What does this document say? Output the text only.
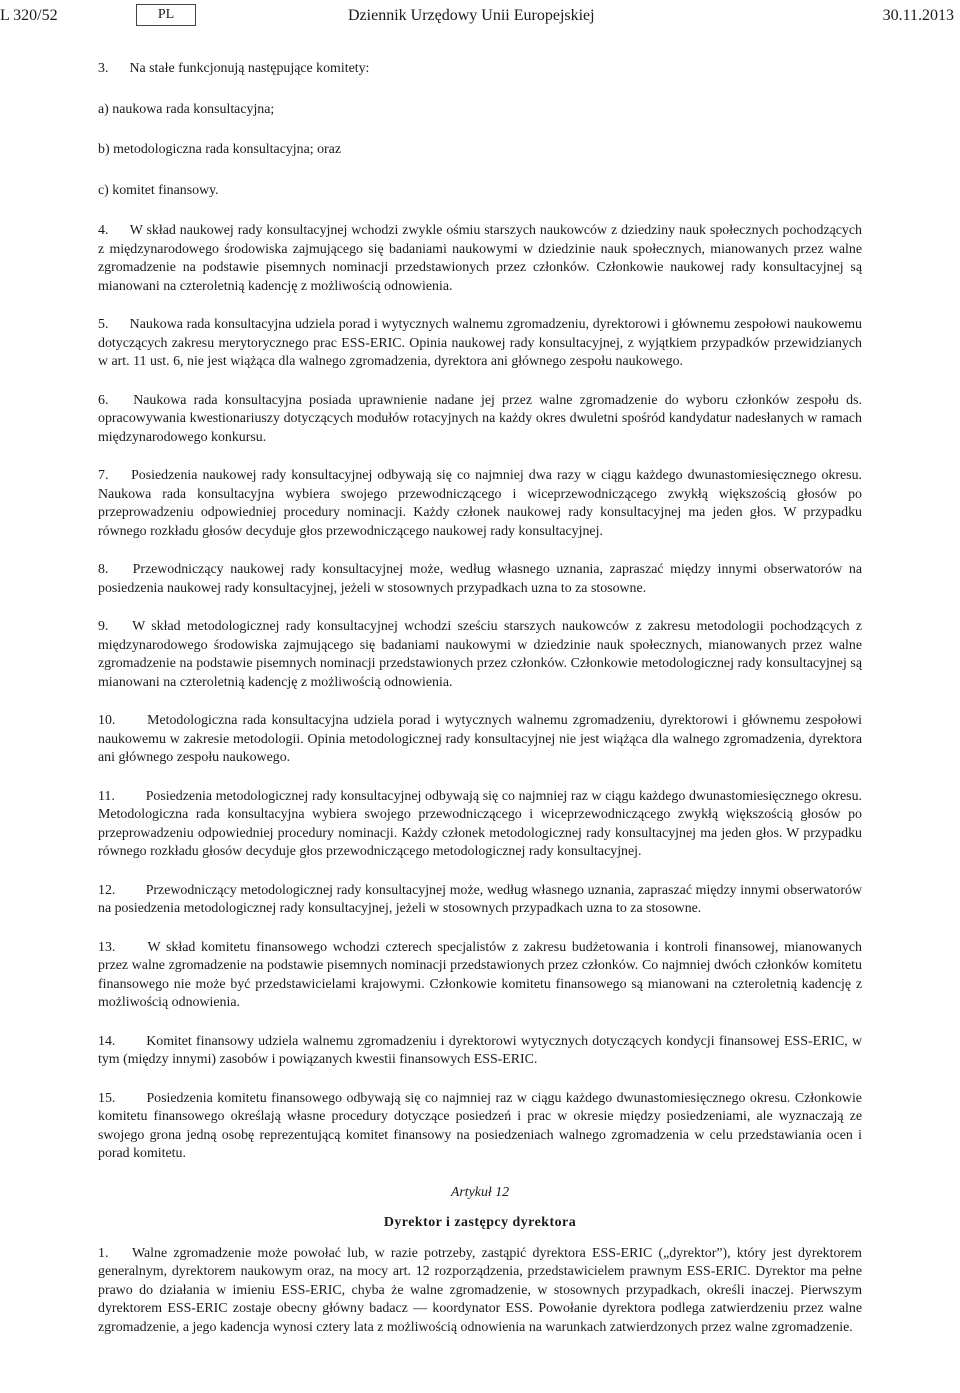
L 320/52	PL	Dziennik Urzędowy Unii Europejskiej	30.11.2013

3. Na stałe funkcjonują następujące komitety:

a) naukowa rada konsultacyjna;

b) metodologiczna rada konsultacyjna; oraz

c) komitet finansowy.

4. W skład naukowej rady konsultacyjnej wchodzi zwykle ośmiu starszych naukowców z dziedziny nauk społecznych pochodzących z międzynarodowego środowiska zajmującego się badaniami naukowymi w dziedzinie nauk społecznych, mianowanych przez walne zgromadzenie na podstawie pisemnych nominacji przedstawionych przez członków. Członkowie naukowej rady konsultacyjnej są mianowani na czteroletnią kadencję z możliwością odnowienia.

5. Naukowa rada konsultacyjna udziela porad i wytycznych walnemu zgromadzeniu, dyrektorowi i głównemu zespołowi naukowemu dotyczących zakresu merytorycznego prac ESS-ERIC. Opinia naukowej rady konsultacyjnej, z wyjątkiem przypadków przewidzianych w art. 11 ust. 6, nie jest wiążąca dla walnego zgromadzenia, dyrektora ani głównego zespołu naukowego.

6. Naukowa rada konsultacyjna posiada uprawnienie nadane jej przez walne zgromadzenie do wyboru członków zespołu ds. opracowywania kwestionariuszy dotyczących modułów rotacyjnych na każdy okres dwuletni spośród kandydatur nadesłanych w ramach międzynarodowego konkursu.

7. Posiedzenia naukowej rady konsultacyjnej odbywają się co najmniej dwa razy w ciągu każdego dwunastomiesięcznego okresu. Naukowa rada konsultacyjna wybiera swojego przewodniczącego i wiceprzewodniczącego zwykłą większością głosów po przeprowadzeniu odpowiedniej procedury nominacji. Każdy członek naukowej rady konsultacyjnej ma jeden głos. W przypadku równego rozkładu głosów decyduje głos przewodniczącego naukowej rady konsultacyjnej.

8. Przewodniczący naukowej rady konsultacyjnej może, według własnego uznania, zapraszać między innymi obserwatorów na posiedzenia naukowej rady konsultacyjnej, jeżeli w stosownych przypadkach uzna to za stosowne.

9. W skład metodologicznej rady konsultacyjnej wchodzi sześciu starszych naukowców z zakresu metodologii pochodzących z międzynarodowego środowiska zajmującego się badaniami naukowymi w dziedzinie nauk społecznych, mianowanych przez walne zgromadzenie na podstawie pisemnych nominacji przedstawionych przez członków. Członkowie metodologicznej rady konsultacyjnej są mianowani na czteroletnią kadencję z możliwością odnowienia.

10. Metodologiczna rada konsultacyjna udziela porad i wytycznych walnemu zgromadzeniu, dyrektorowi i głównemu zespołowi naukowemu w zakresie metodologii. Opinia metodologicznej rady konsultacyjnej nie jest wiążąca dla walnego zgromadzenia, dyrektora ani głównego zespołu naukowego.

11. Posiedzenia metodologicznej rady konsultacyjnej odbywają się co najmniej raz w ciągu każdego dwunastomiesięcznego okresu. Metodologiczna rada konsultacyjna wybiera swojego przewodniczącego i wiceprzewodniczącego zwykłą większością głosów po przeprowadzeniu odpowiedniej procedury nominacji. Każdy członek metodologicznej rady konsultacyjnej ma jeden głos. W przypadku równego rozkładu głosów decyduje głos przewodniczącego metodologicznej rady konsultacyjnej.

12. Przewodniczący metodologicznej rady konsultacyjnej może, według własnego uznania, zapraszać między innymi obserwatorów na posiedzenia metodologicznej rady konsultacyjnej, jeżeli w stosownych przypadkach uzna to za stosowne.

13. W skład komitetu finansowego wchodzi czterech specjalistów z zakresu budżetowania i kontroli finansowej, mianowanych przez walne zgromadzenie na podstawie pisemnych nominacji przedstawionych przez członków. Co najmniej dwóch członków komitetu finansowego nie może być przedstawicielami krajowymi. Członkowie komitetu finansowego są mianowani na czteroletnią kadencję z możliwością odnowienia.

14. Komitet finansowy udziela walnemu zgromadzeniu i dyrektorowi wytycznych dotyczących kondycji finansowej ESS-ERIC, w tym (między innymi) zasobów i powiązanych kwestii finansowych ESS-ERIC.

15. Posiedzenia komitetu finansowego odbywają się co najmniej raz w ciągu każdego dwunastomiesięcznego okresu. Członkowie komitetu finansowego określają własne procedury dotyczące posiedzeń i prac w okresie między posiedzeniami, ale wyznaczają ze swojego grona jedną osobę reprezentującą komitet finansowy na posiedzeniach walnego zgromadzenia w celu przedstawiania ocen i porad komitetu.

Artykuł 12

Dyrektor i zastępcy dyrektora

1. Walne zgromadzenie może powołać lub, w razie potrzeby, zastąpić dyrektora ESS-ERIC („dyrektor”), który jest dyrektorem generalnym, dyrektorem naukowym oraz, na mocy art. 12 rozporządzenia, przedstawicielem prawnym ESS-ERIC. Dyrektor ma pełne prawo do działania w imieniu ESS-ERIC, chyba że walne zgromadzenie, w stosownych przypadkach, określi inaczej. Pierwszym dyrektorem ESS-ERIC zostaje obecny główny badacz — koordynator ESS. Powołanie dyrektora podlega zatwierdzeniu przez walne zgromadzenie, a jego kadencja wynosi cztery lata z możliwością odnowienia na warunkach zatwierdzonych przez walne zgromadzenie.
